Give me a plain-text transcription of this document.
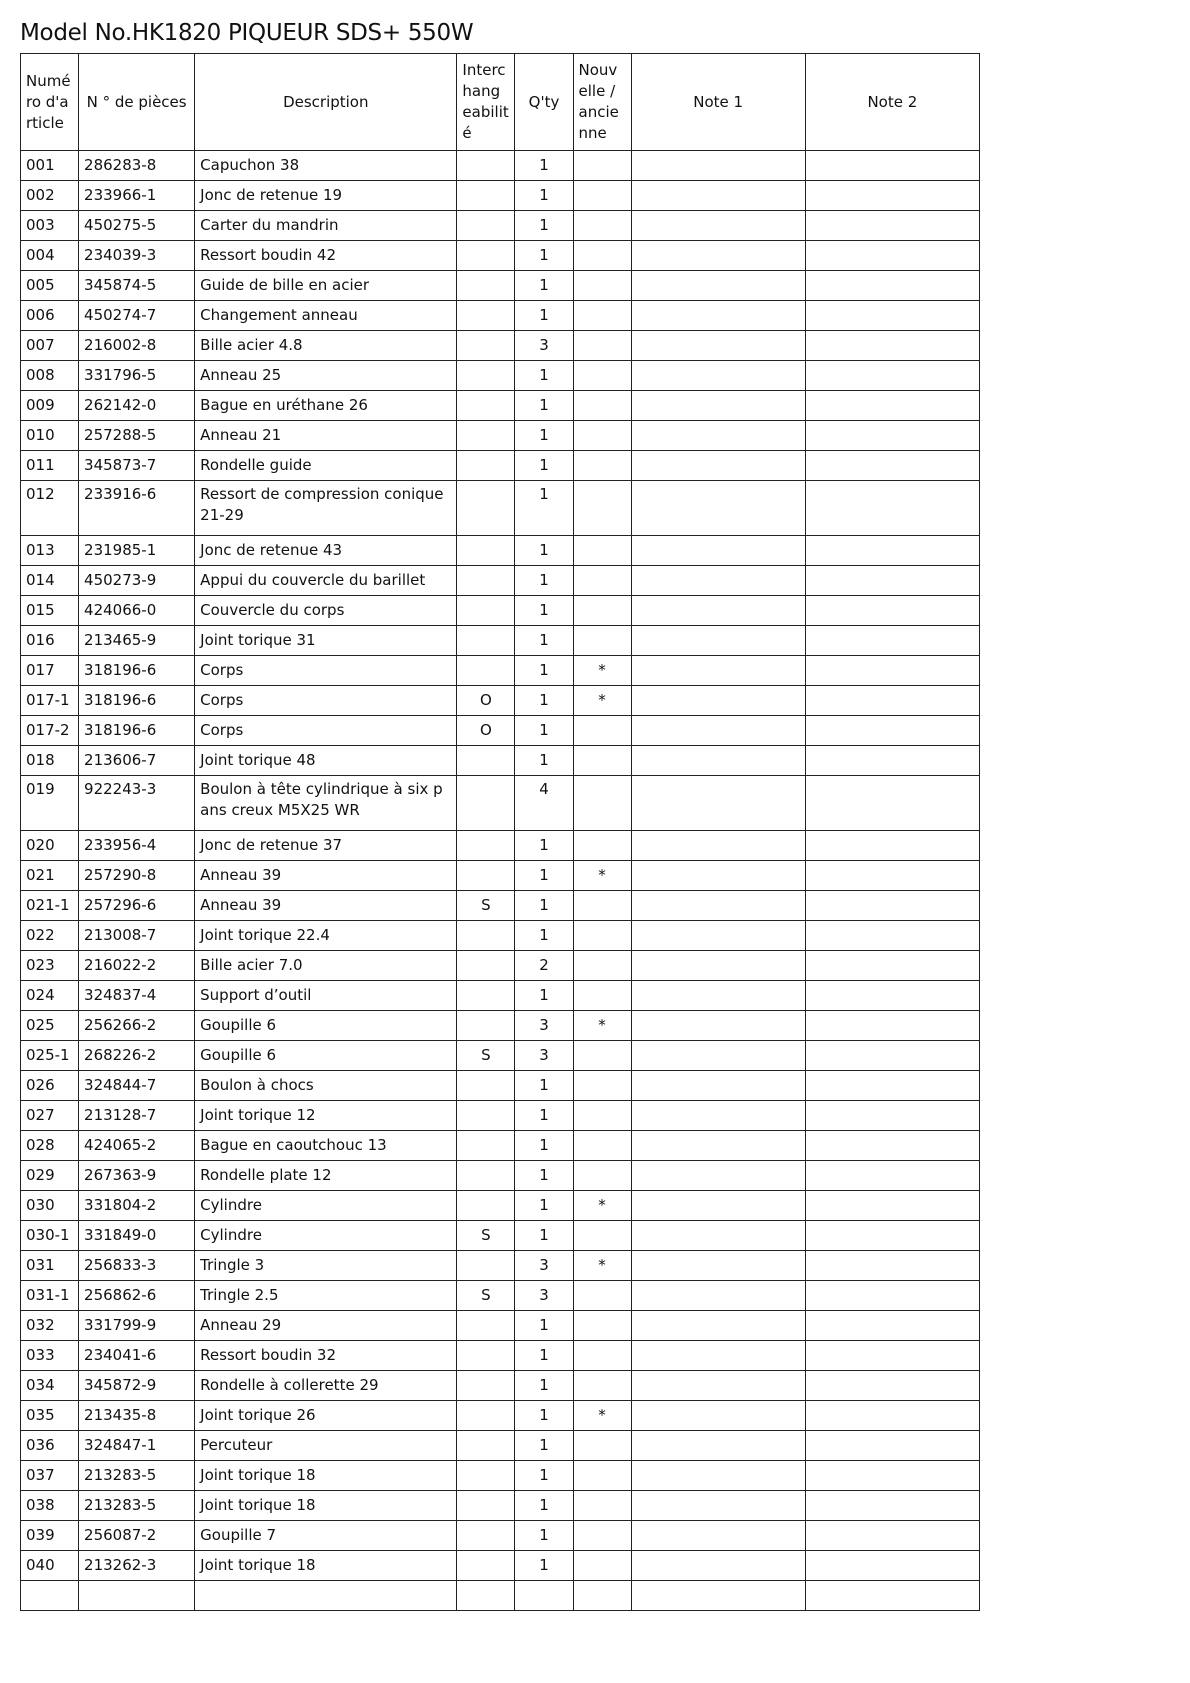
Model No.HK1820 PIQUEUR SDS+ 550W
Numé ro d'a rticle	N ° de pièces	Description	Interc hang eabilit é	Q'ty	Nouv elle / ancie nne	Note 1	Note 2
001	286283-8	Capuchon 38		1			
002	233966-1	Jonc de retenue 19		1			
003	450275-5	Carter du mandrin		1			
004	234039-3	Ressort boudin 42		1			
005	345874-5	Guide de bille en acier		1			
006	450274-7	Changement anneau		1			
007	216002-8	Bille acier 4.8		3			
008	331796-5	Anneau 25		1			
009	262142-0	Bague en uréthane 26		1			
010	257288-5	Anneau 21		1			
011	345873-7	Rondelle guide		1			
012	233916-6	Ressort de compression conique 21-29		1			
013	231985-1	Jonc de retenue 43		1			
014	450273-9	Appui du couvercle du barillet		1			
015	424066-0	Couvercle du corps		1			
016	213465-9	Joint torique 31		1			
017	318196-6	Corps		1	*		
017-1	318196-6	Corps	O	1	*		
017-2	318196-6	Corps	O	1			
018	213606-7	Joint torique 48		1			
019	922243-3	Boulon à tête cylindrique à six pans creux M5X25 WR		4			
020	233956-4	Jonc de retenue 37		1			
021	257290-8	Anneau 39		1	*		
021-1	257296-6	Anneau 39	S	1			
022	213008-7	Joint torique 22.4		1			
023	216022-2	Bille acier 7.0		2			
024	324837-4	Support d’outil		1			
025	256266-2	Goupille 6		3	*		
025-1	268226-2	Goupille 6	S	3			
026	324844-7	Boulon à chocs		1			
027	213128-7	Joint torique 12		1			
028	424065-2	Bague en caoutchouc 13		1			
029	267363-9	Rondelle plate 12		1			
030	331804-2	Cylindre		1	*		
030-1	331849-0	Cylindre	S	1			
031	256833-3	Tringle 3		3	*		
031-1	256862-6	Tringle 2.5	S	3			
032	331799-9	Anneau 29		1			
033	234041-6	Ressort boudin 32		1			
034	345872-9	Rondelle à collerette 29		1			
035	213435-8	Joint torique 26		1	*		
036	324847-1	Percuteur		1			
037	213283-5	Joint torique 18		1			
038	213283-5	Joint torique 18		1			
039	256087-2	Goupille 7		1			
040	213262-3	Joint torique 18		1			
